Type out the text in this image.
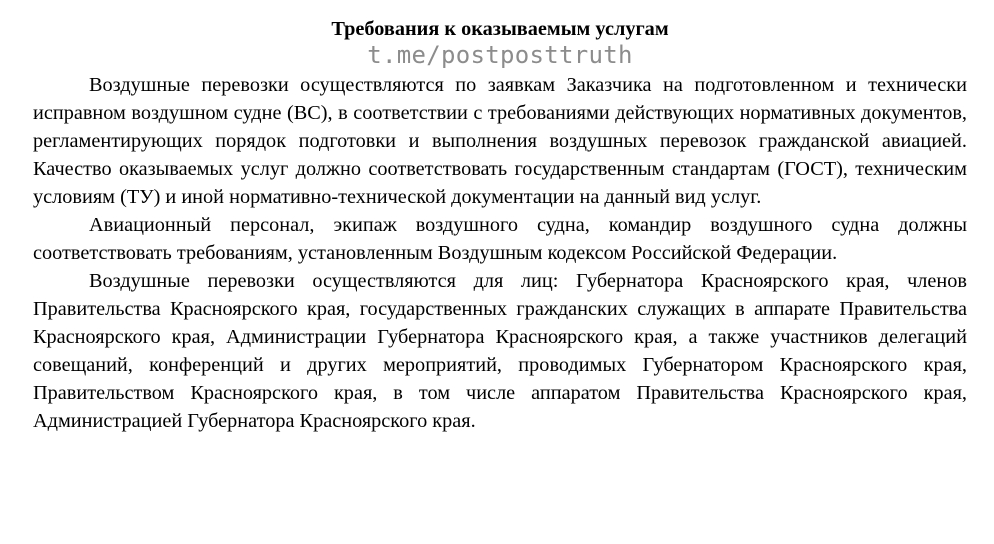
Требования к оказываемым услугам
t.me/postposttruth

Воздушные перевозки осуществляются по заявкам Заказчика на подготовленном и технически исправном воздушном судне (ВС), в соответствии с требованиями действующих нормативных документов, регламентирующих порядок подготовки и выполнения воздушных перевозок гражданской авиацией. Качество оказываемых услуг должно соответствовать государственным стандартам (ГОСТ), техническим условиям (ТУ) и иной нормативно-технической документации на данный вид услуг.

Авиационный персонал, экипаж воздушного судна, командир воздушного судна должны соответствовать требованиям, установленным Воздушным кодексом Российской Федерации.

Воздушные перевозки осуществляются для лиц: Губернатора Красноярского края, членов Правительства Красноярского края, государственных гражданских служащих в аппарате Правительства Красноярского края, Администрации Губернатора Красноярского края, а также участников делегаций совещаний, конференций и других мероприятий, проводимых Губернатором Красноярского края, Правительством Красноярского края, в том числе аппаратом Правительства Красноярского края, Администрацией Губернатора Красноярского края.
